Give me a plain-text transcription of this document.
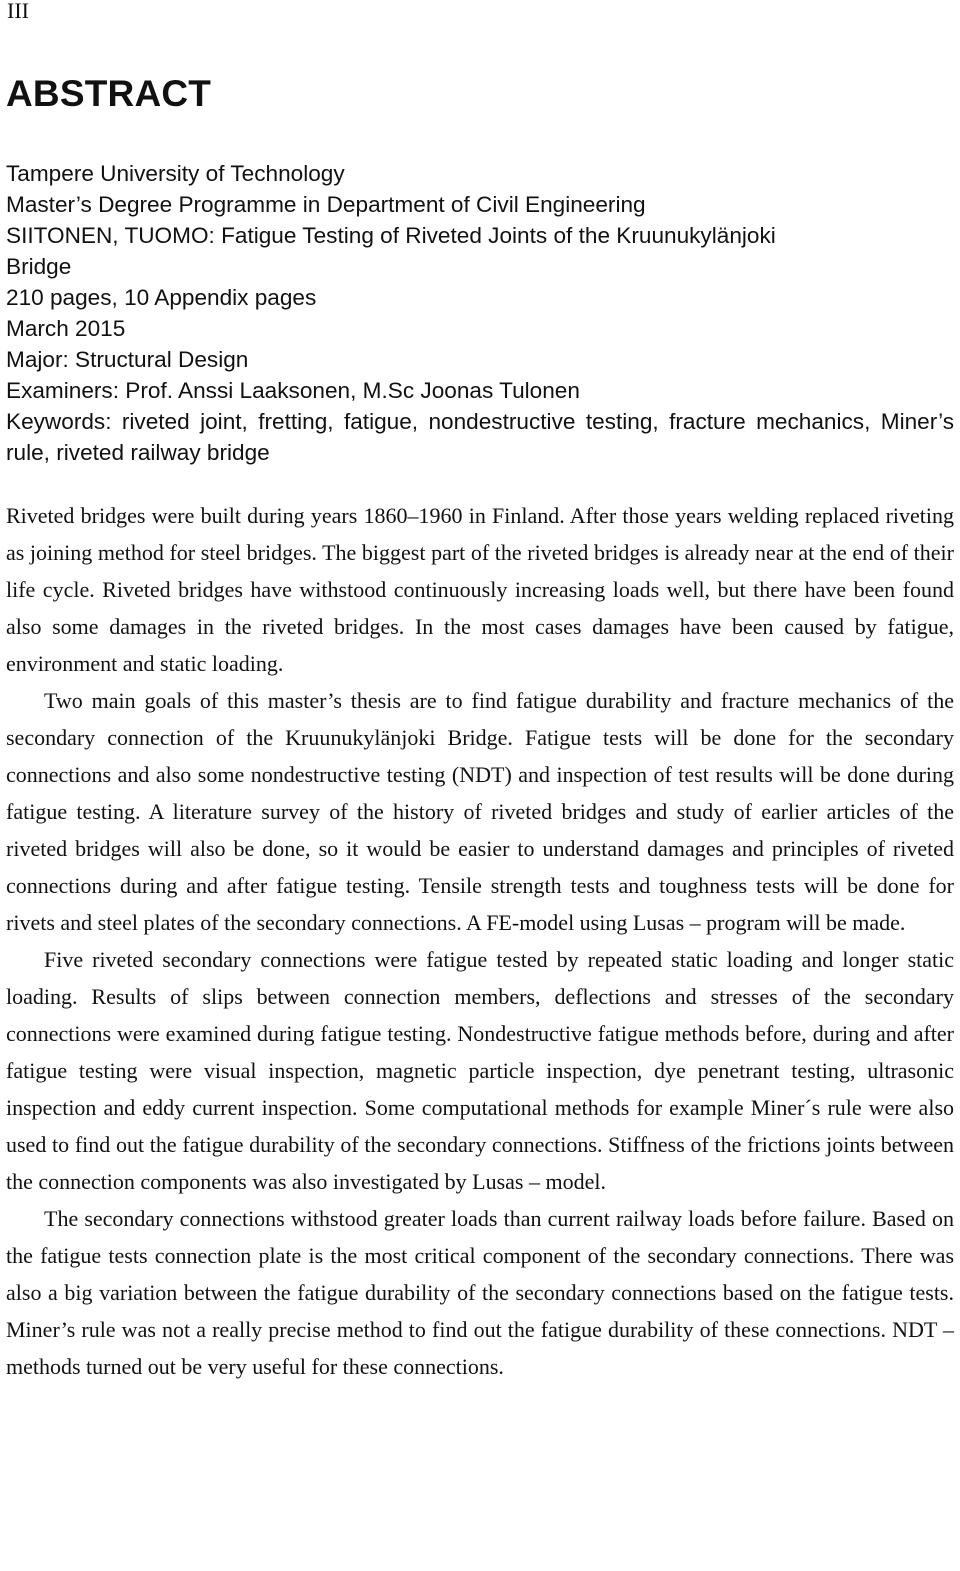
III
ABSTRACT
Tampere University of Technology
Master’s Degree Programme in Department of Civil Engineering
SIITONEN, TUOMO: Fatigue Testing of Riveted Joints of the Kruunukylänjoki
Bridge
210 pages, 10 Appendix pages
March 2015
Major: Structural Design
Examiners: Prof. Anssi Laaksonen, M.Sc Joonas Tulonen
Keywords: riveted joint, fretting, fatigue, nondestructive testing, fracture mechanics, Miner’s rule, riveted railway bridge

Riveted bridges were built during years 1860–1960 in Finland. After those years welding replaced riveting as joining method for steel bridges. The biggest part of the riveted bridges is already near at the end of their life cycle. Riveted bridges have withstood continuously increasing loads well, but there have been found also some damages in the riveted bridges. In the most cases damages have been caused by fatigue, environment and static loading.

Two main goals of this master’s thesis are to find fatigue durability and fracture mechanics of the secondary connection of the Kruunukylänjoki Bridge. Fatigue tests will be done for the secondary connections and also some nondestructive testing (NDT) and inspection of test results will be done during fatigue testing. A literature survey of the history of riveted bridges and study of earlier articles of the riveted bridges will also be done, so it would be easier to understand damages and principles of riveted connections during and after fatigue testing. Tensile strength tests and toughness tests will be done for rivets and steel plates of the secondary connections. A FE-model using Lusas – program will be made.

Five riveted secondary connections were fatigue tested by repeated static loading and longer static loading. Results of slips between connection members, deflections and stresses of the secondary connections were examined during fatigue testing. Nondestructive fatigue methods before, during and after fatigue testing were visual inspection, magnetic particle inspection, dye penetrant testing, ultrasonic inspection and eddy current inspection. Some computational methods for example Miner´s rule were also used to find out the fatigue durability of the secondary connections. Stiffness of the frictions joints between the connection components was also investigated by Lusas – model.

The secondary connections withstood greater loads than current railway loads before failure. Based on the fatigue tests connection plate is the most critical component of the secondary connections. There was also a big variation between the fatigue durability of the secondary connections based on the fatigue tests. Miner’s rule was not a really precise method to find out the fatigue durability of these connections. NDT – methods turned out be very useful for these connections.
